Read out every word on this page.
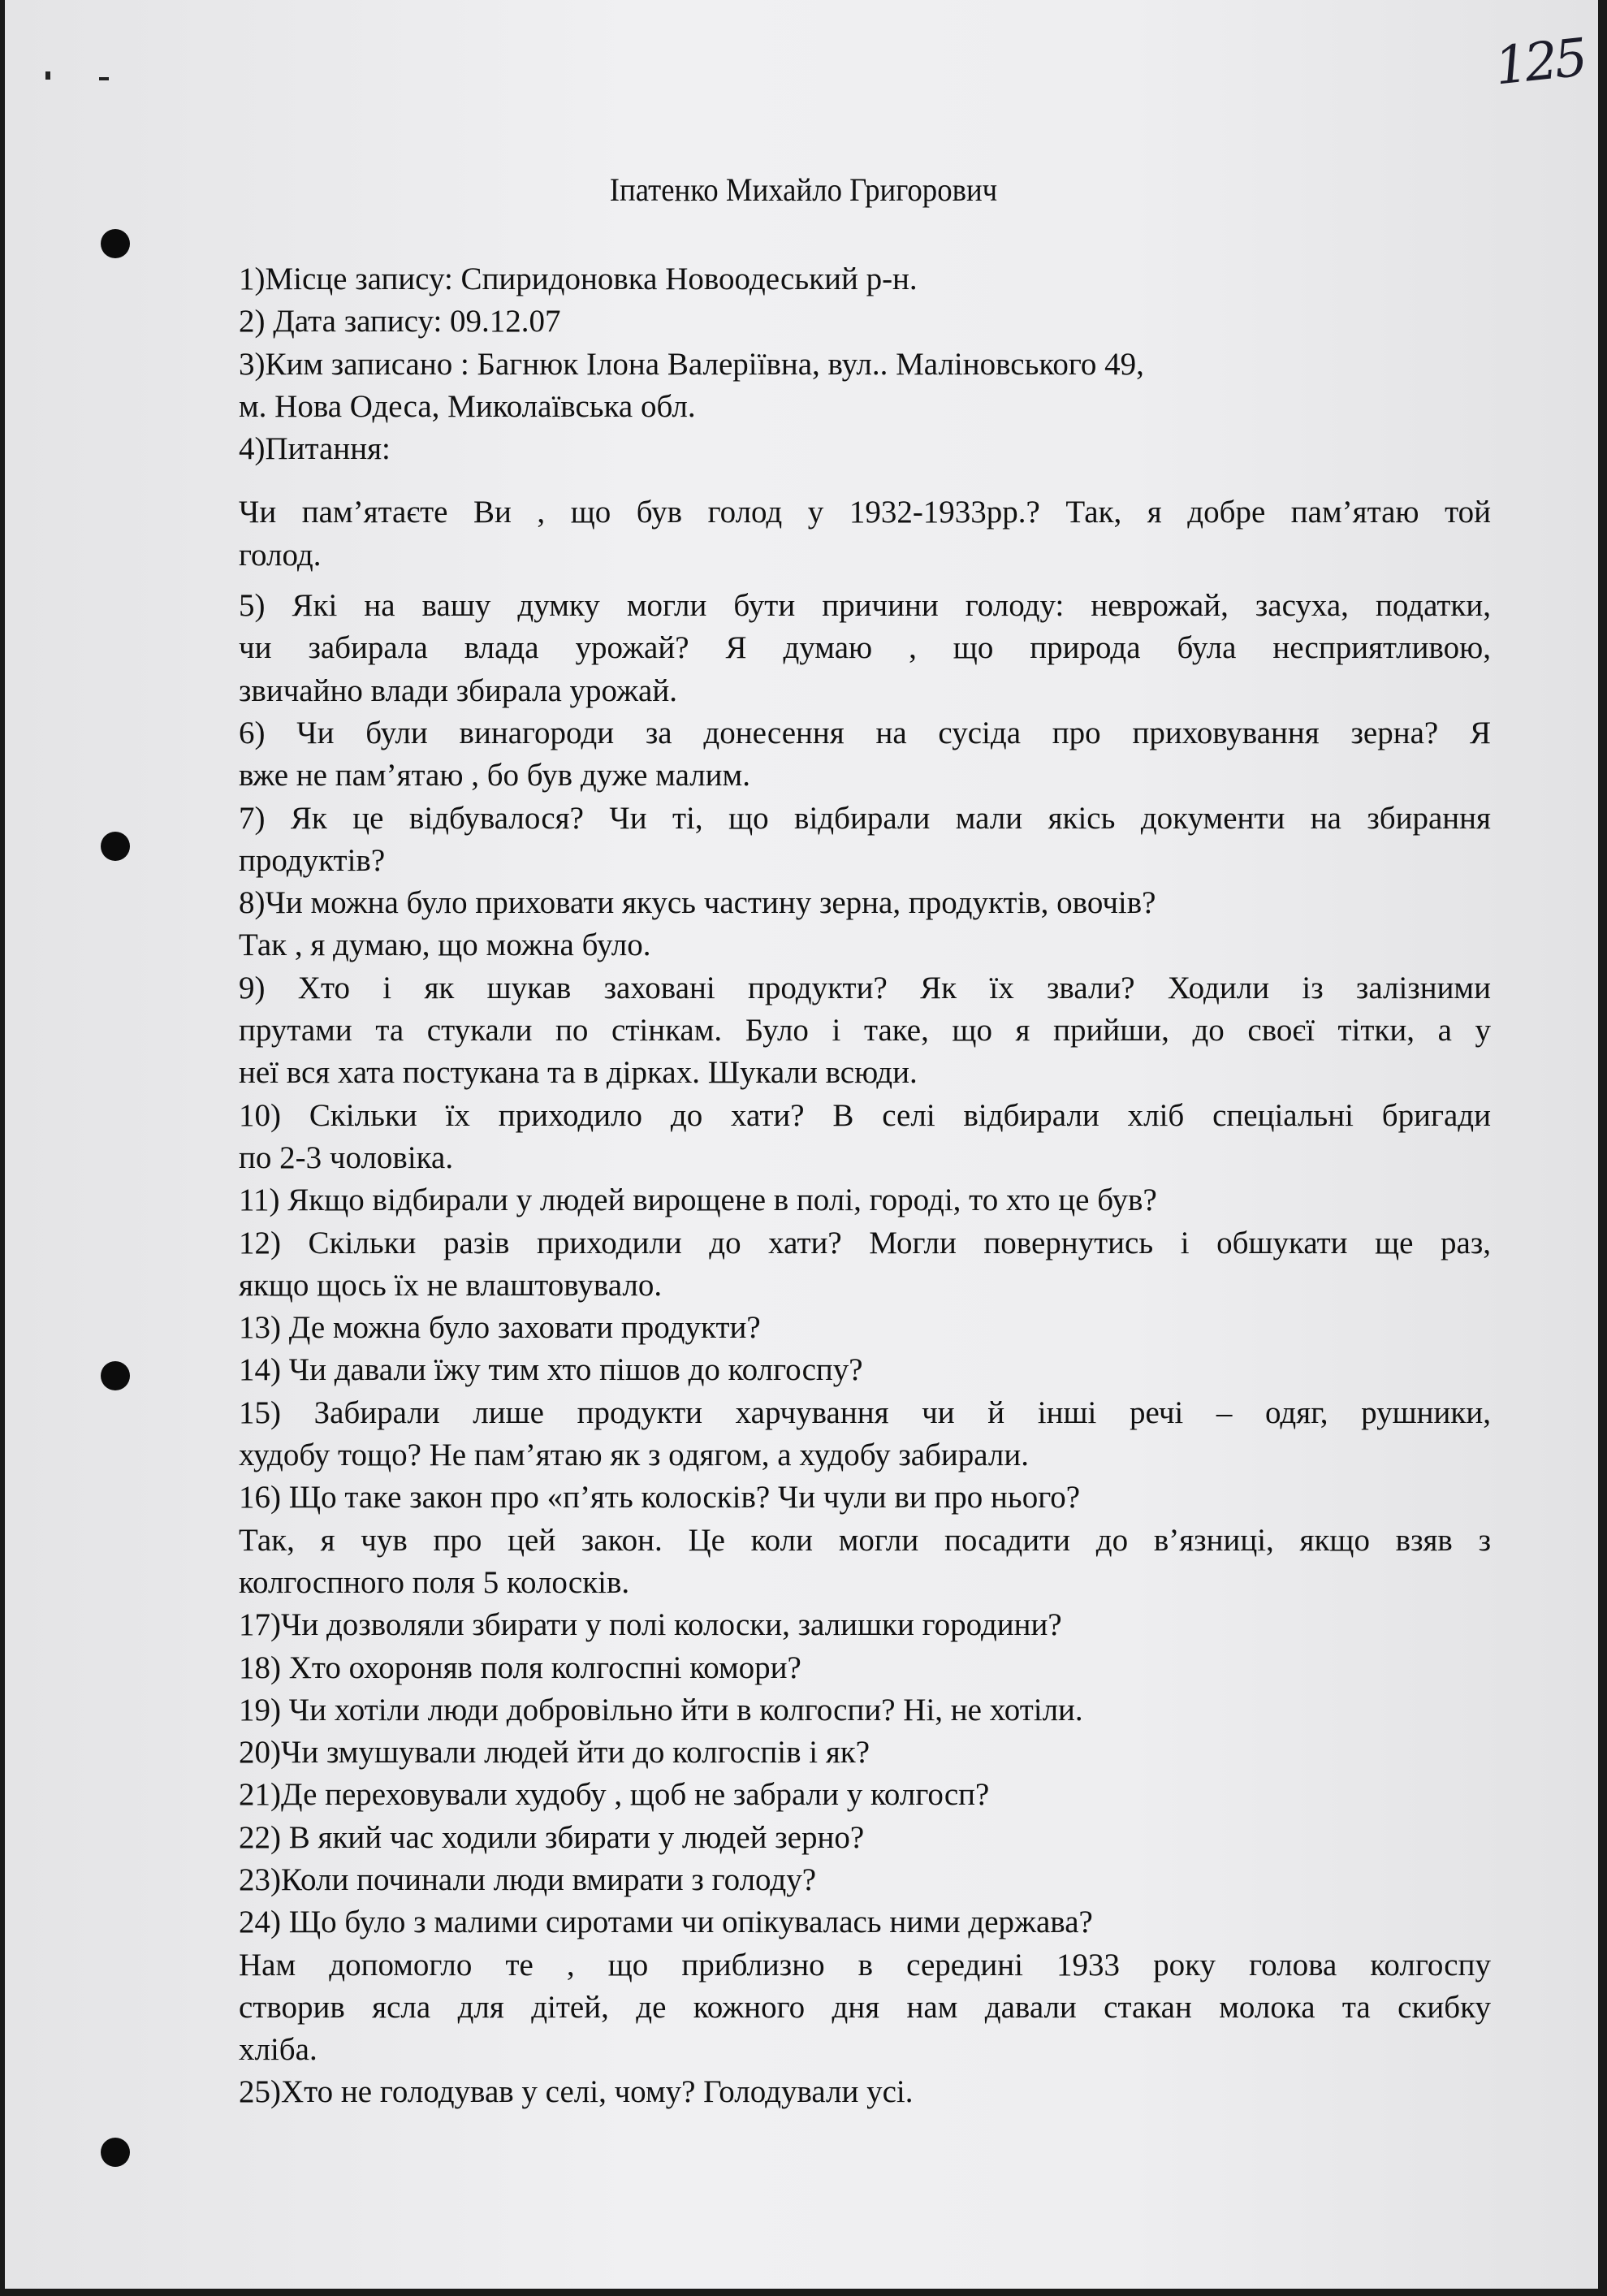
125
Іпатенко Михайло Григорович
1)Місце запису: Спиридоновка Новоодеський р-н.
2) Дата запису: 09.12.07
3)Ким записано : Багнюк Ілона Валеріївна, вул.. Маліновського 49,
м. Нова Одеса, Миколаївська обл.
4)Питання:
Чи пам’ятаєте Ви , що був голод у 1932-1933рр.? Так, я добре пам’ятаю той
голод.
5) Які на вашу думку могли бути причини голоду: неврожай, засуха, податки,
чи забирала влада урожай? Я думаю , що природа була несприятливою,
звичайно влади збирала урожай.
6) Чи були винагороди за донесення на сусіда про приховування зерна? Я
вже не пам’ятаю , бо був дуже малим.
7) Як це відбувалося? Чи ті, що відбирали мали якісь документи на збирання
продуктів?
8)Чи можна було приховати якусь частину зерна, продуктів, овочів?
Так , я думаю, що можна було.
9) Хто і як шукав заховані продукти? Як їх звали? Ходили із залізними
прутами та стукали по стінкам. Було і таке, що я прийши, до своєї тітки, а у
неї вся хата постукана та в дірках. Шукали всюди.
10) Скільки їх приходило до хати? В селі відбирали хліб спеціальні бригади
по 2-3 чоловіка.
11) Якщо відбирали у людей вирощене в полі, городі, то хто це був?
12) Скільки разів приходили до хати? Могли повернутись і обшукати ще раз,
якщо щось їх не влаштовувало.
13) Де можна було заховати продукти?
14) Чи давали їжу тим хто пішов до колгоспу?
15) Забирали лише продукти харчування чи й інші речі – одяг, рушники,
худобу тощо? Не пам’ятаю як з одягом, а худобу забирали.
16) Що таке закон про «п’ять колосків? Чи чули ви про нього?
Так, я чув про цей закон. Це коли могли посадити до в’язниці, якщо взяв з
колгоспного поля 5 колосків.
17)Чи дозволяли збирати у полі колоски, залишки городини?
18) Хто охороняв поля колгоспні комори?
19) Чи хотіли люди добровільно йти в колгоспи? Ні, не хотіли.
20)Чи змушували людей йти до колгоспів і як?
21)Де переховували худобу , щоб не забрали у колгосп?
22) В який час ходили збирати у людей зерно?
23)Коли починали люди вмирати з голоду?
24) Що було з малими сиротами чи опікувалась ними держава?
Нам допомогло те , що приблизно в середині 1933 року голова колгоспу
створив ясла для дітей, де кожного дня нам давали стакан молока та скибку
хліба.
25)Хто не голодував у селі, чому? Голодували усі.
